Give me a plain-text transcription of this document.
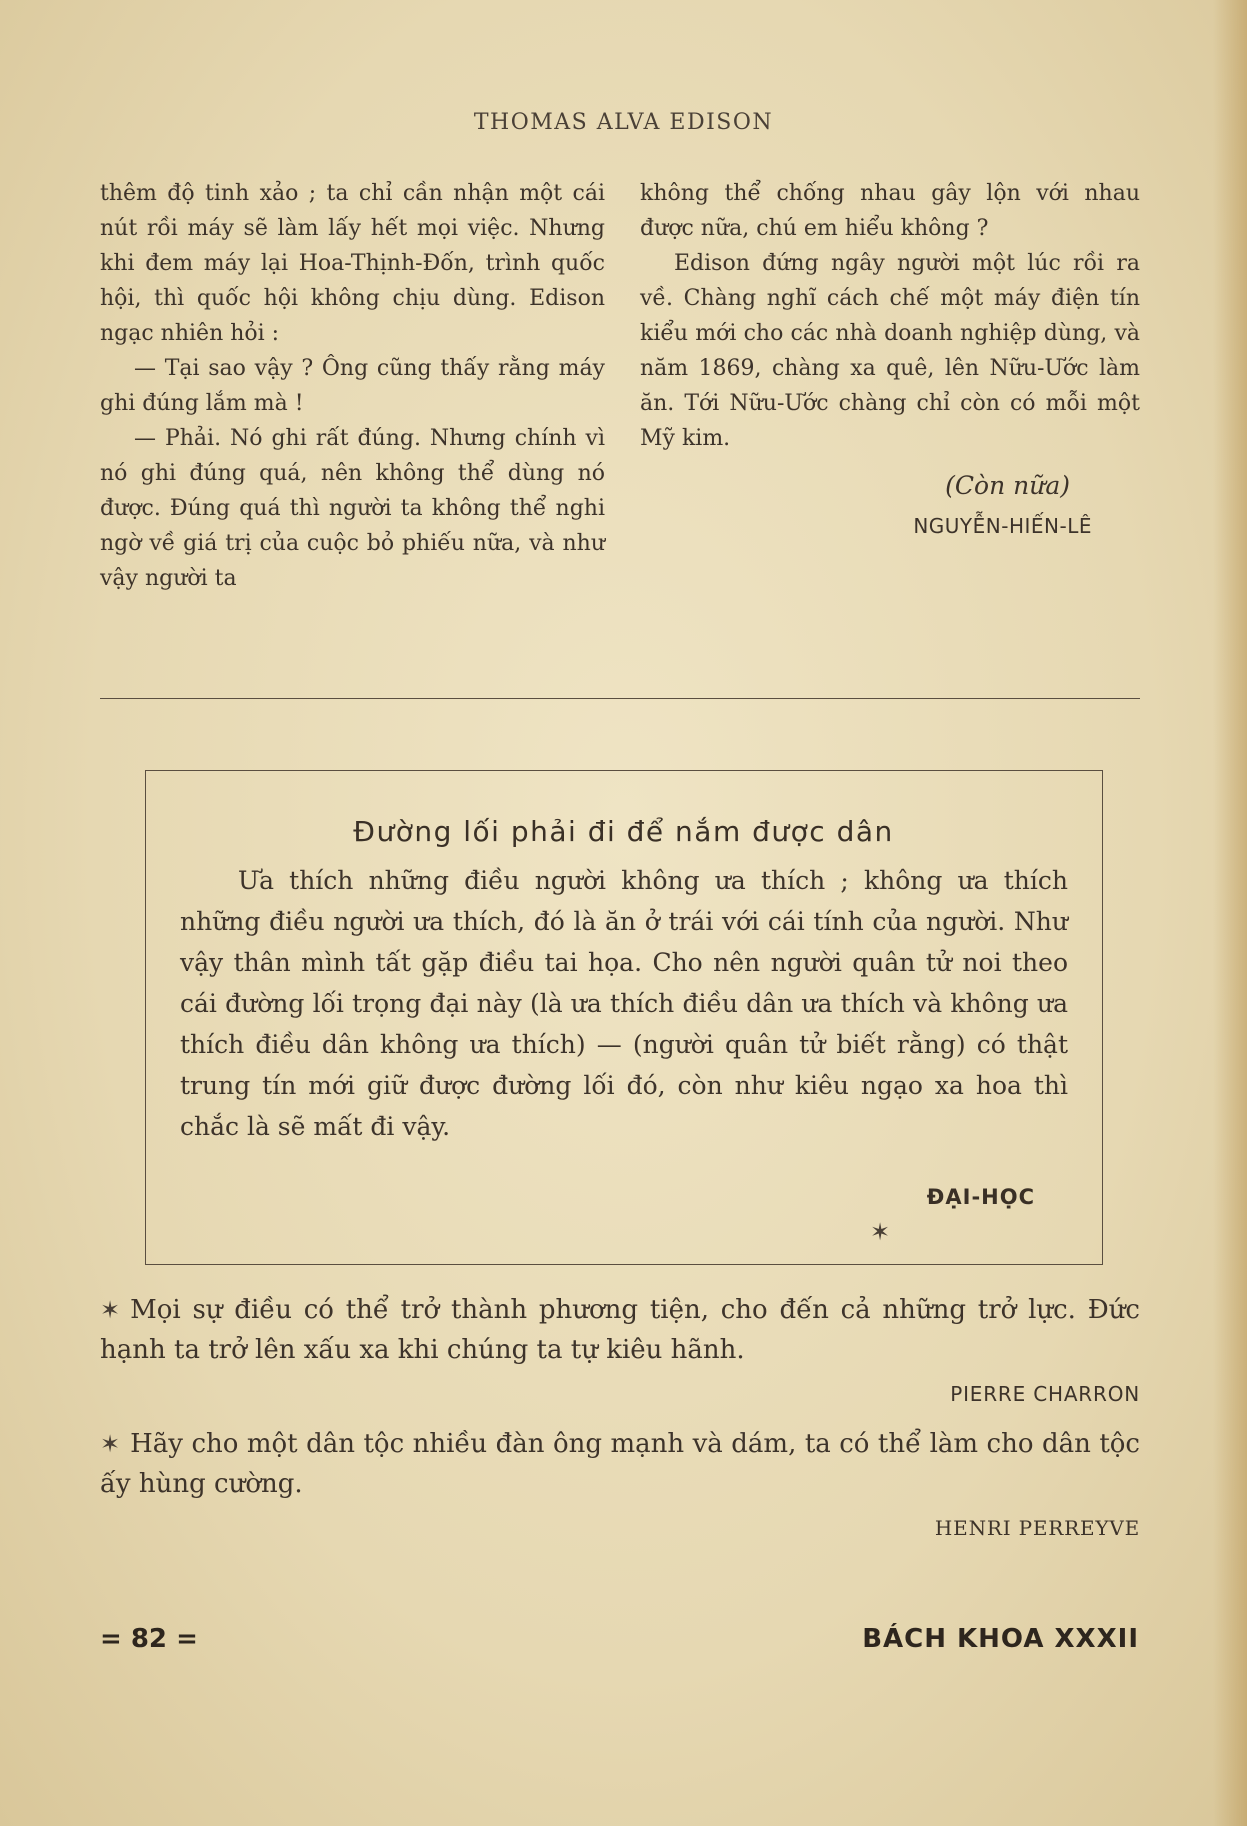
THOMAS ALVA EDISON

thêm độ tinh xảo ; ta chỉ cần nhận một cái nút rồi máy sẽ làm lấy hết mọi việc. Nhưng khi đem máy lại Hoa-Thịnh-Đốn, trình quốc hội, thì quốc hội không chịu dùng. Edison ngạc nhiên hỏi :

— Tại sao vậy ? Ông cũng thấy rằng máy ghi đúng lắm mà !

— Phải. Nó ghi rất đúng. Nhưng chính vì nó ghi đúng quá, nên không thể dùng nó được. Đúng quá thì người ta không thể nghi ngờ về giá trị của cuộc bỏ phiếu nữa, và như vậy người ta

không thể chống nhau gây lộn với nhau được nữa, chú em hiểu không ?

Edison đứng ngây người một lúc rồi ra về. Chàng nghĩ cách chế một máy điện tín kiểu mới cho các nhà doanh nghiệp dùng, và năm 1869, chàng xa quê, lên Nữu-Ước làm ăn. Tới Nữu-Ước chàng chỉ còn có mỗi một Mỹ kim.

(Còn nữa)

NGUYỄN-HIẾN-LÊ

Đường lối phải đi để nắm được dân

Ưa thích những điều người không ưa thích ; không ưa thích những điều người ưa thích, đó là ăn ở trái với cái tính của người. Như vậy thân mình tất gặp điều tai họa. Cho nên người quân tử noi theo cái đường lối trọng đại này (là ưa thích điều dân ưa thích và không ưa thích điều dân không ưa thích) — (người quân tử biết rằng) có thật trung tín mới giữ được đường lối đó, còn như kiêu ngạo xa hoa thì chắc là sẽ mất đi vậy.

ĐẠI-HỌC
✶

✶ Mọi sự điều có thể trở thành phương tiện, cho đến cả những trở lực. Đức hạnh ta trở lên xấu xa khi chúng ta tự kiêu hãnh.

PIERRE CHARRON

✶ Hãy cho một dân tộc nhiều đàn ông mạnh và dám, ta có thể làm cho dân tộc ấy hùng cường.

HENRI PERREYVE

= 82 =	BÁCH KHOA XXXII
